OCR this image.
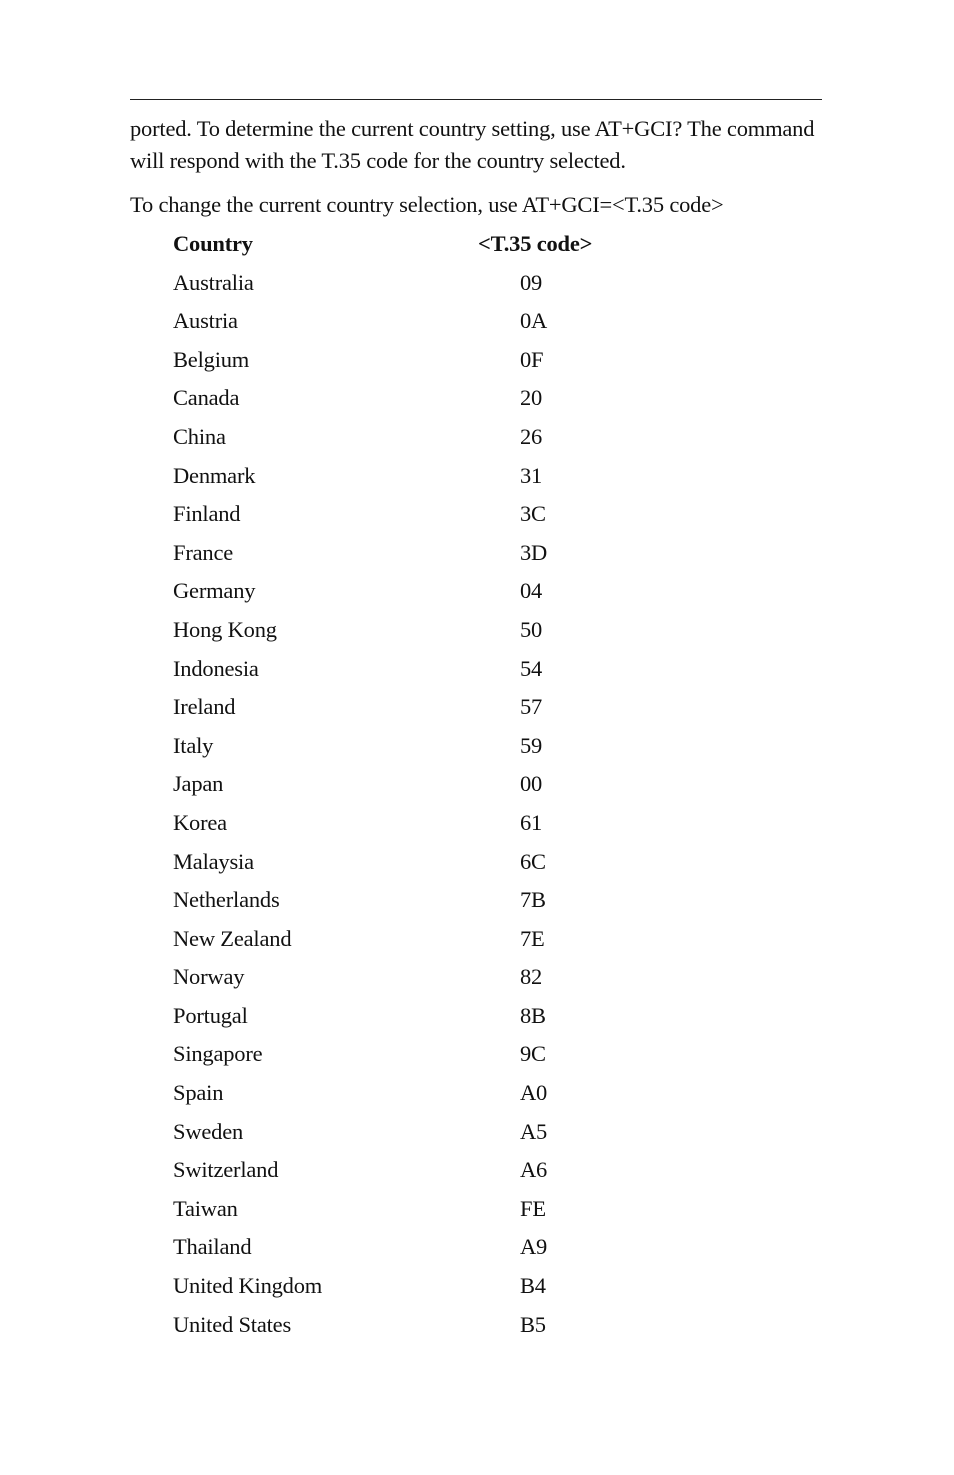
ported. To determine the current country setting, use AT+GCI? The command will respond with the T.35 code for the country selected.

To change the current country selection, use AT+GCI=<T.35 code>

Country	<T.35 code>
Australia	09
Austria	0A
Belgium	0F
Canada	20
China	26
Denmark	31
Finland	3C
France	3D
Germany	04
Hong Kong	50
Indonesia	54
Ireland	57
Italy	59
Japan	00
Korea	61
Malaysia	6C
Netherlands	7B
New Zealand	7E
Norway	82
Portugal	8B
Singapore	9C
Spain	A0
Sweden	A5
Switzerland	A6
Taiwan	FE
Thailand	A9
United Kingdom	B4
United States	B5
